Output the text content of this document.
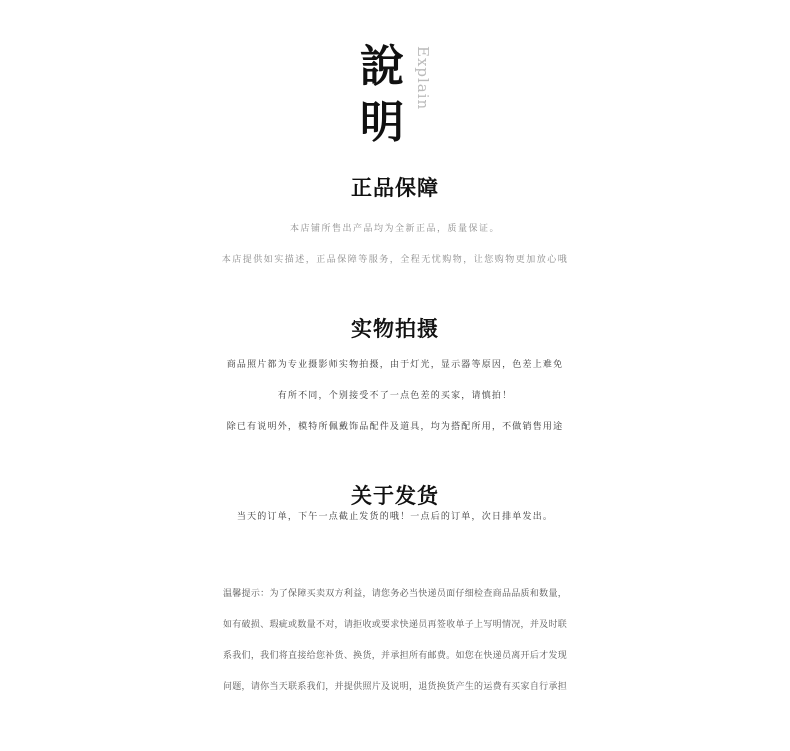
說
明
Explain
正品保障
本店铺所售出产品均为全新正品，质量保证。
本店提供如实描述，正品保障等服务，全程无忧购物，让您购物更加放心哦
实物拍摄
商品照片都为专业摄影师实物拍摄，由于灯光，显示器等原因，色差上难免
有所不同，个别接受不了一点色差的买家，请慎拍！
除已有说明外，模特所佩戴饰品配件及道具，均为搭配所用，不做销售用途
关于发货
当天的订单，下午一点截止发货的哦！一点后的订单，次日排单发出。
温馨提示：为了保障买卖双方利益，请您务必当快递员面仔细检查商品品质和数量，
如有破损、瑕疵或数量不对，请拒收或要求快递员再签收单子上写明情况，并及时联
系我们，我们将直接给您补货、换货，并承担所有邮费。如您在快递员离开后才发现
问题，请你当天联系我们，并提供照片及说明，退货换货产生的运费有买家自行承担
